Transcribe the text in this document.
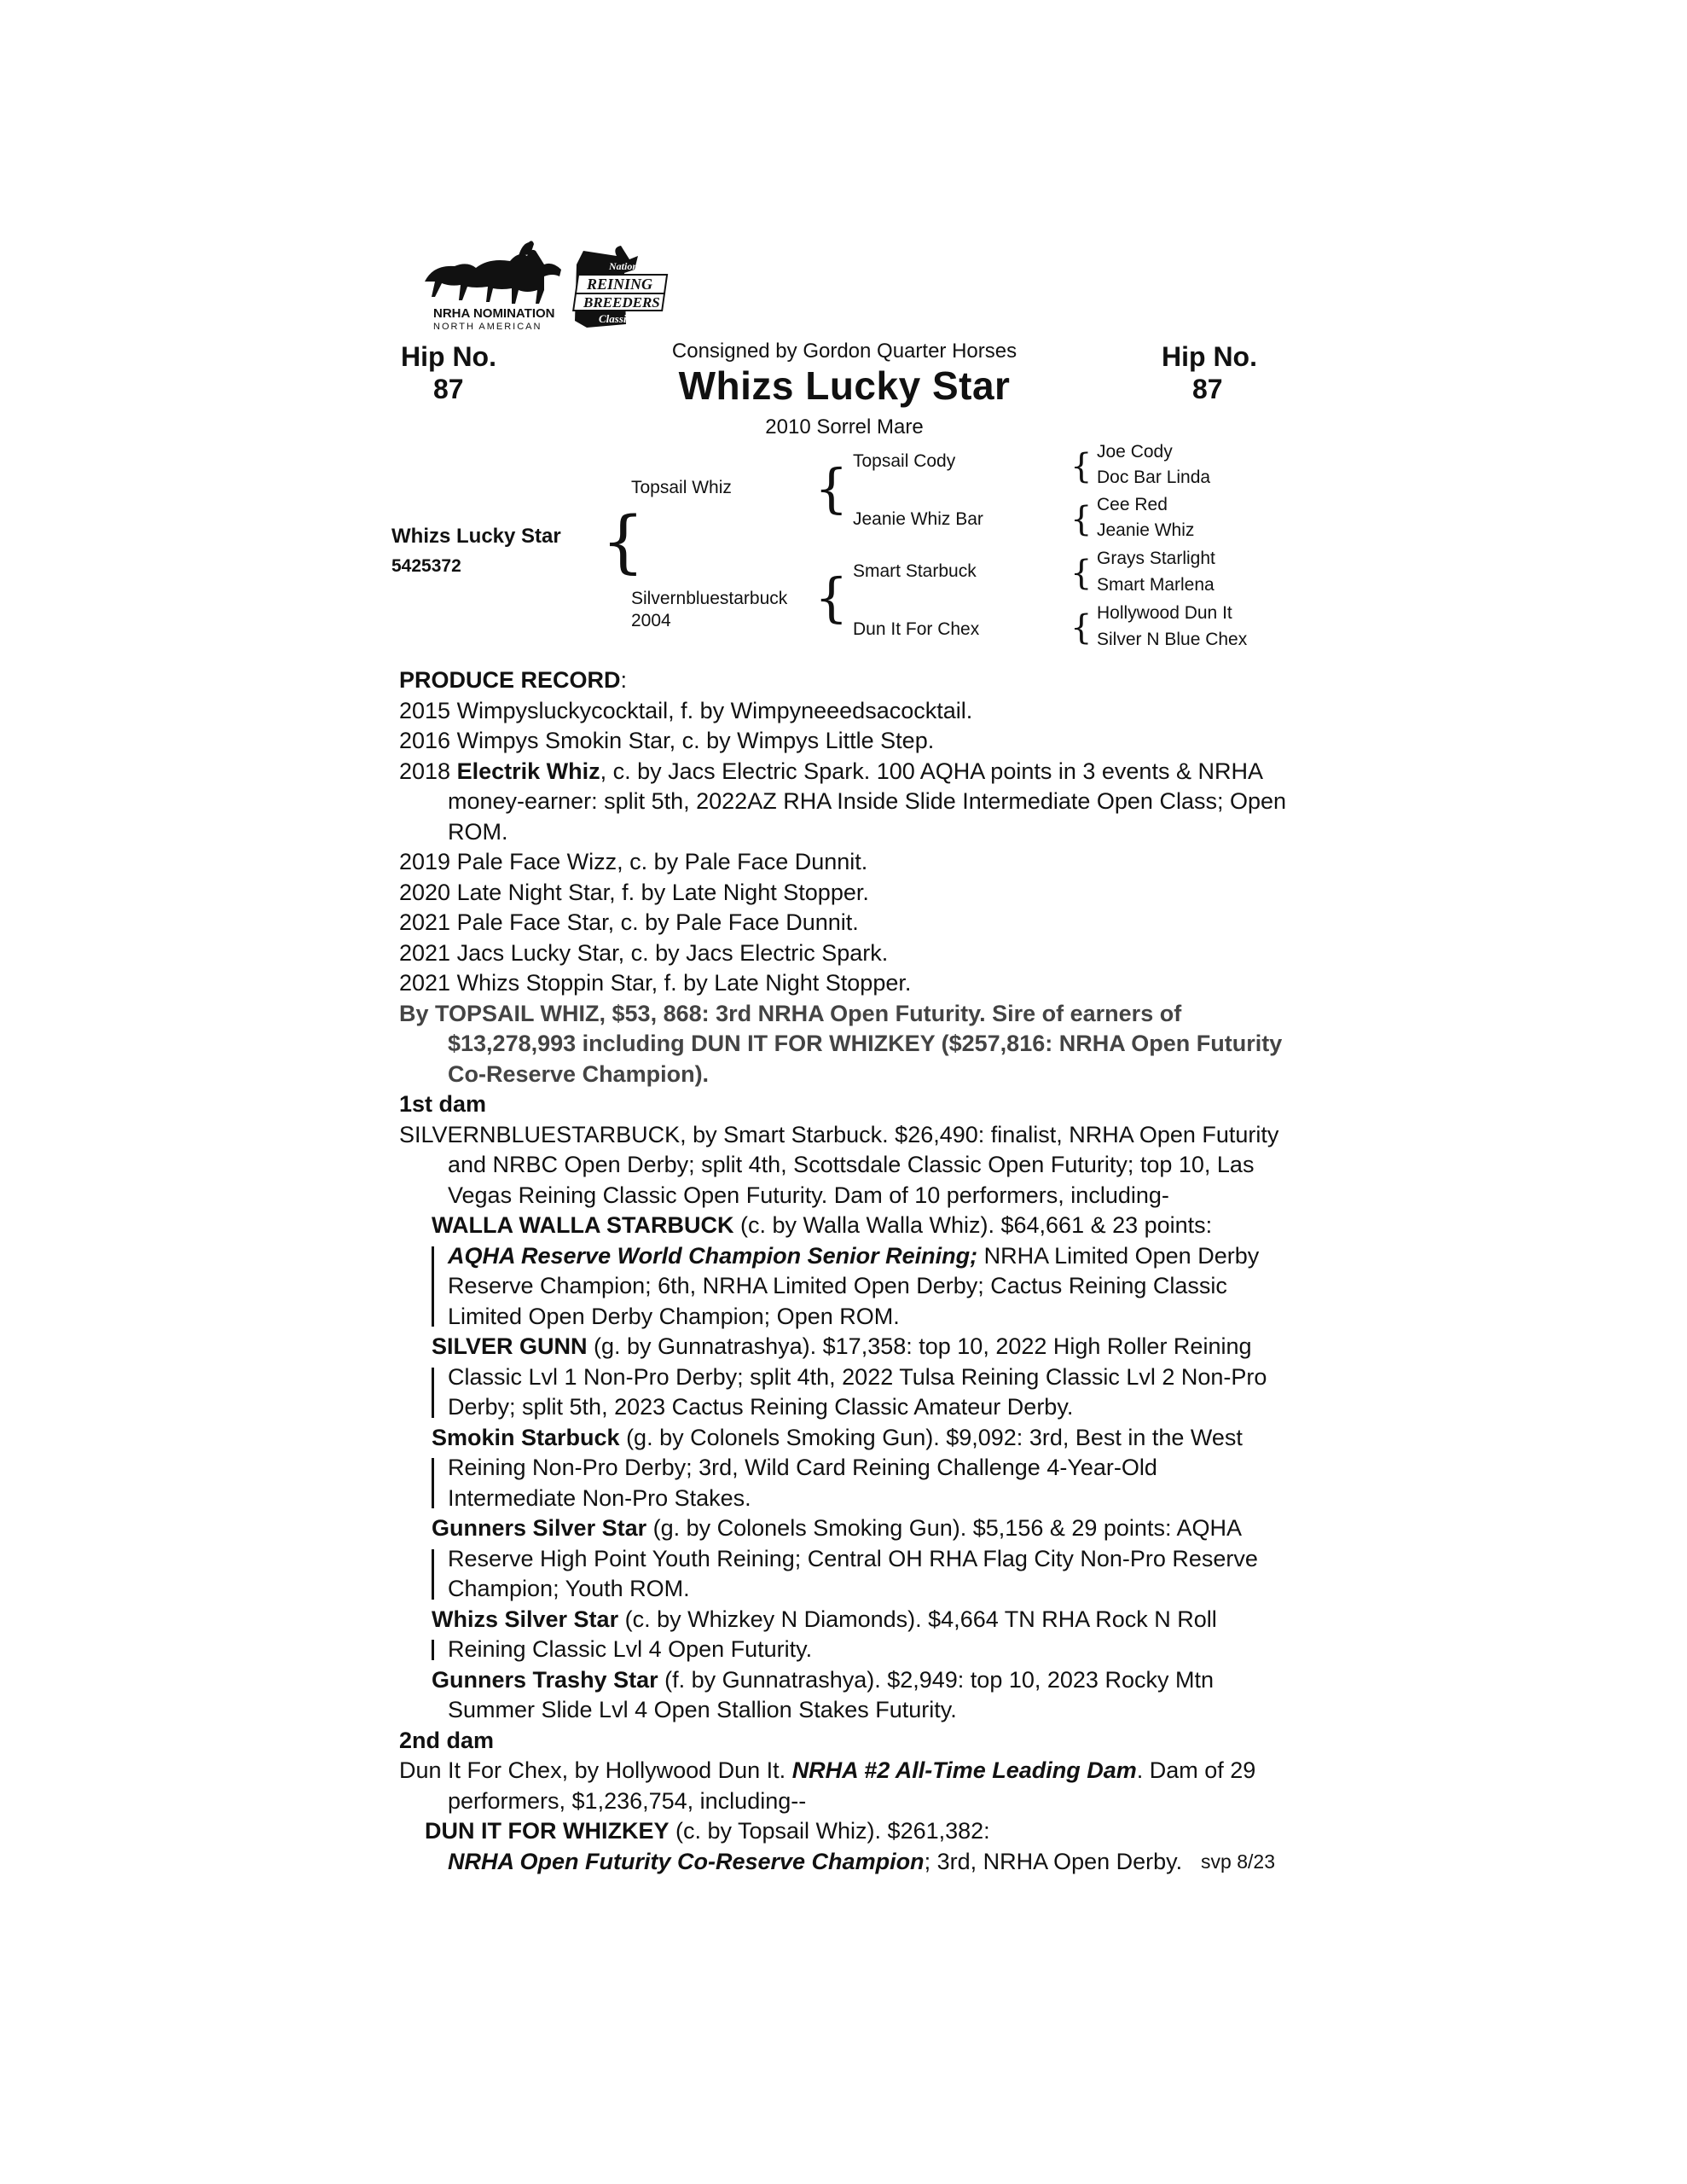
NRHA NOMINATION
NORTH AMERICAN
National
REINING
BREEDERS
Classic
Hip No.
87
Hip No.
87
Consigned by Gordon Quarter Horses
Whizs Lucky Star
2010 Sorrel Mare
Whizs Lucky Star
5425372 {
Topsail Whiz
Silvernbluestarbuck
2004
{
{
Topsail Cody
Jeanie Whiz Bar
Smart Starbuck
Dun It For Chex
{
{
{
{
Joe Cody
Doc Bar Linda
Cee Red
Jeanie Whiz
Grays Starlight
Smart Marlena
Hollywood Dun It
Silver N Blue Chex

PRODUCE RECORD:

2015 Wimpysluckycocktail, f. by Wimpyneeedsacocktail.

2016 Wimpys Smokin Star, c. by Wimpys Little Step.

2018 Electrik Whiz, c. by Jacs Electric Spark. 100 AQHA points in 3 events & NRHA money-earner: split 5th, 2022AZ RHA Inside Slide Intermediate Open Class; Open ROM.

2019 Pale Face Wizz, c. by Pale Face Dunnit.

2020 Late Night Star, f. by Late Night Stopper.

2021 Pale Face Star, c. by Pale Face Dunnit.

2021 Jacs Lucky Star, c. by Jacs Electric Spark.

2021 Whizs Stoppin Star, f. by Late Night Stopper.

By TOPSAIL WHIZ, $53, 868: 3rd NRHA Open Futurity. Sire of earners of $13,278,993 including DUN IT FOR WHIZKEY ($257,816: NRHA Open Futurity Co-Reserve Champion).

1st dam

SILVERNBLUESTARBUCK, by Smart Starbuck. $26,490: finalist, NRHA Open Futurity and NRBC Open Derby; split 4th, Scottsdale Classic Open Futurity; top 10, Las Vegas Reining Classic Open Futurity. Dam of 10 performers, including-

WALLA WALLA STARBUCK (c. by Walla Walla Whiz). $64,661 & 23 points:
AQHA Reserve World Champion Senior Reining; NRHA Limited Open Derby Reserve Champion; 6th, NRHA Limited Open Derby; Cactus Reining Classic Limited Open Derby Champion; Open ROM.
SILVER GUNN (g. by Gunnatrashya). $17,358: top 10, 2022 High Roller Reining
Classic Lvl 1 Non-Pro Derby; split 4th, 2022 Tulsa Reining Classic Lvl 2 Non-Pro Derby; split 5th, 2023 Cactus Reining Classic Amateur Derby.
Smokin Starbuck (g. by Colonels Smoking Gun). $9,092: 3rd, Best in the West
Reining Non-Pro Derby; 3rd, Wild Card Reining Challenge 4-Year-Old Intermediate Non-Pro Stakes.
Gunners Silver Star (g. by Colonels Smoking Gun). $5,156 & 29 points: AQHA
Reserve High Point Youth Reining; Central OH RHA Flag City Non-Pro Reserve Champion; Youth ROM.
Whizs Silver Star (c. by Whizkey N Diamonds). $4,664 TN RHA Rock N Roll
Reining Classic Lvl 4 Open Futurity.
Gunners Trashy Star (f. by Gunnatrashya). $2,949: top 10, 2023 Rocky Mtn
Summer Slide Lvl 4 Open Stallion Stakes Futurity.

2nd dam

Dun It For Chex, by Hollywood Dun It. NRHA #2 All-Time Leading Dam. Dam of 29 performers, $1,236,754, including--

DUN IT FOR WHIZKEY (c. by Topsail Whiz). $261,382:
NRHA Open Futurity Co-Reserve Champion; 3rd, NRHA Open Derby. svp 8/23
